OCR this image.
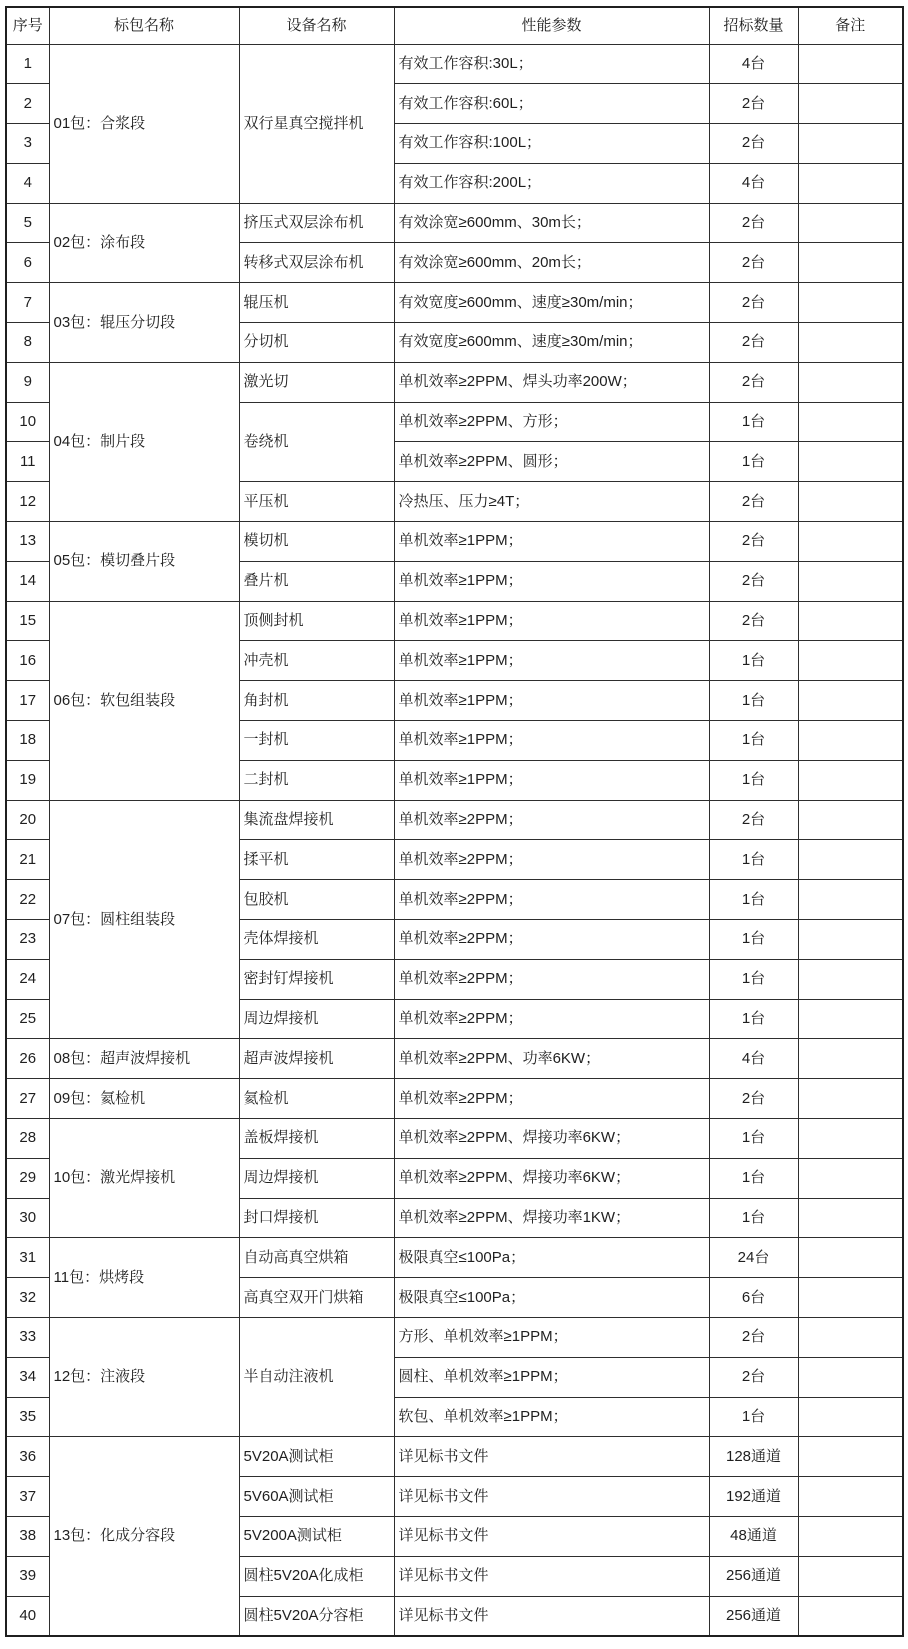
序号	标包名称	设备名称	性能参数	招标数量	备注
1	01包：合浆段	双行星真空搅拌机	有效工作容积:30L；	4台	
2			有效工作容积:60L；	2台	
3			有效工作容积:100L；	2台	
4			有效工作容积:200L；	4台	
5	02包：涂布段	挤压式双层涂布机	有效涂宽≥600mm、30m长；	2台	
6		转移式双层涂布机	有效涂宽≥600mm、20m长；	2台	
7	03包：辊压分切段	辊压机	有效宽度≥600mm、速度≥30m/min；	2台	
8		分切机	有效宽度≥600mm、速度≥30m/min；	2台	
9	04包：制片段	激光切	单机效率≥2PPM、焊头功率200W；	2台	
10		卷绕机	单机效率≥2PPM、方形；	1台	
11			单机效率≥2PPM、圆形；	1台	
12		平压机	冷热压、压力≥4T；	2台	
13	05包：模切叠片段	模切机	单机效率≥1PPM；	2台	
14		叠片机	单机效率≥1PPM；	2台	
15	06包：软包组装段	顶侧封机	单机效率≥1PPM；	2台	
16		冲壳机	单机效率≥1PPM；	1台	
17		角封机	单机效率≥1PPM；	1台	
18		一封机	单机效率≥1PPM；	1台	
19		二封机	单机效率≥1PPM；	1台	
20	07包：圆柱组装段	集流盘焊接机	单机效率≥2PPM；	2台	
21		揉平机	单机效率≥2PPM；	1台	
22		包胶机	单机效率≥2PPM；	1台	
23		壳体焊接机	单机效率≥2PPM；	1台	
24		密封钉焊接机	单机效率≥2PPM；	1台	
25		周边焊接机	单机效率≥2PPM；	1台	
26	08包：超声波焊接机	超声波焊接机	单机效率≥2PPM、功率6KW；	4台	
27	09包：氦检机	氦检机	单机效率≥2PPM；	2台	
28	10包：激光焊接机	盖板焊接机	单机效率≥2PPM、焊接功率6KW；	1台	
29		周边焊接机	单机效率≥2PPM、焊接功率6KW；	1台	
30		封口焊接机	单机效率≥2PPM、焊接功率1KW；	1台	
31	11包：烘烤段	自动高真空烘箱	极限真空≤100Pa；	24台	
32		高真空双开门烘箱	极限真空≤100Pa；	6台	
33	12包：注液段	半自动注液机	方形、单机效率≥1PPM；	2台	
34			圆柱、单机效率≥1PPM；	2台	
35			软包、单机效率≥1PPM；	1台	
36	13包：化成分容段	5V20A测试柜	详见标书文件	128通道	
37		5V60A测试柜	详见标书文件	192通道	
38		5V200A测试柜	详见标书文件	48通道	
39		圆柱5V20A化成柜	详见标书文件	256通道	
40		圆柱5V20A分容柜	详见标书文件	256通道	
